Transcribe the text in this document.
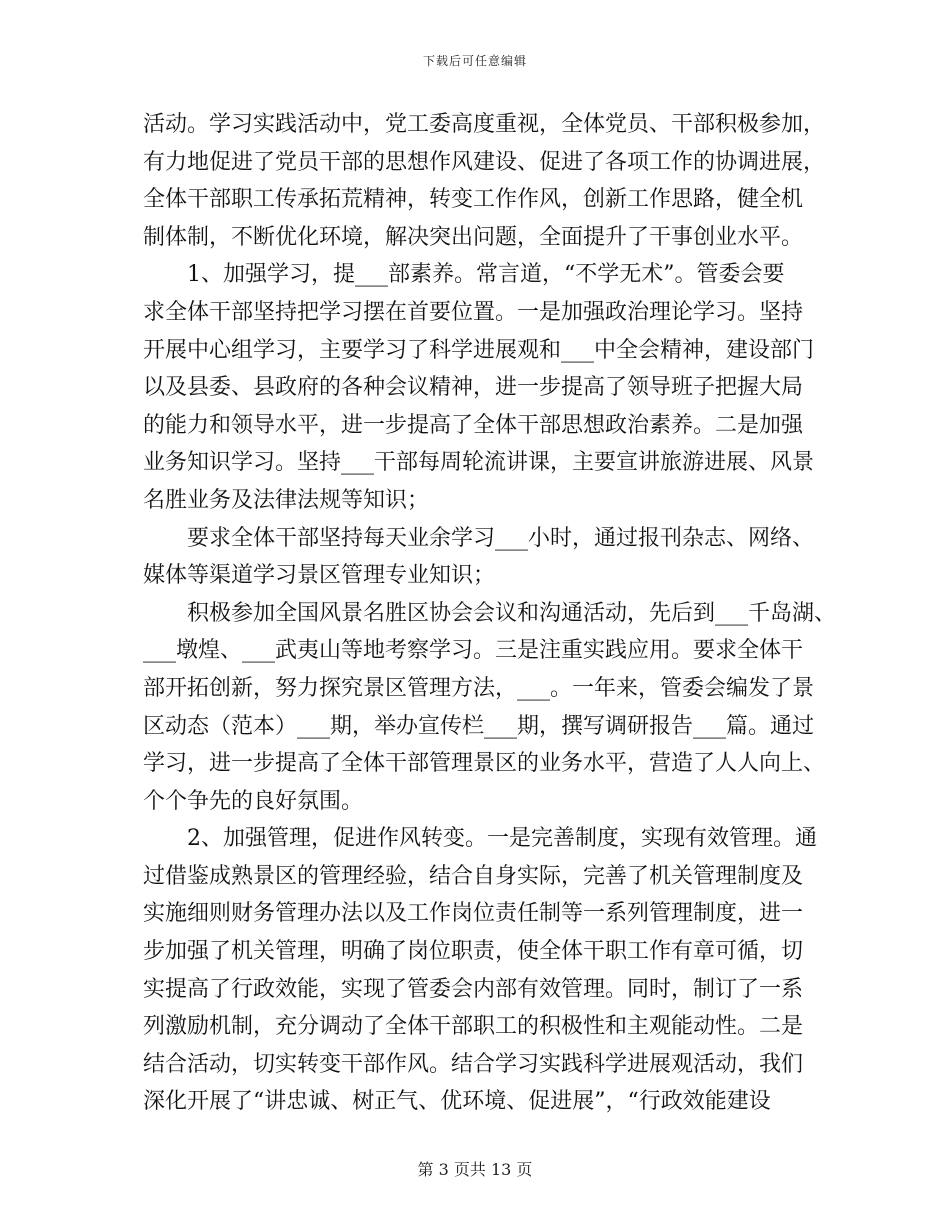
下载后可任意编辑
活动。学习实践活动中，党工委高度重视，全体党员、干部积极参加，
有力地促进了党员干部的思想作风建设、促进了各项工作的协调进展，
全体干部职工传承拓荒精神，转变工作作风，创新工作思路，健全机
制体制，不断优化环境，解决突出问题，全面提升了干事创业水平。
1、加强学习，提___部素养。常言道，“不学无术”。管委会要
求全体干部坚持把学习摆在首要位置。一是加强政治理论学习。坚持
开展中心组学习，主要学习了科学进展观和___中全会精神，建设部门
以及县委、县政府的各种会议精神，进一步提高了领导班子把握大局
的能力和领导水平，进一步提高了全体干部思想政治素养。二是加强
业务知识学习。坚持___干部每周轮流讲课，主要宣讲旅游进展、风景
名胜业务及法律法规等知识；
要求全体干部坚持每天业余学习___小时，通过报刊杂志、网络、
媒体等渠道学习景区管理专业知识；
积极参加全国风景名胜区协会会议和沟通活动，先后到___千岛湖、
___墩煌、___武夷山等地考察学习。三是注重实践应用。要求全体干
部开拓创新，努力探究景区管理方法，___。一年来，管委会编发了景
区动态（范本）___期，举办宣传栏___期，撰写调研报告___篇。通过
学习，进一步提高了全体干部管理景区的业务水平，营造了人人向上、
个个争先的良好氛围。
2、加强管理，促进作风转变。一是完善制度，实现有效管理。通
过借鉴成熟景区的管理经验，结合自身实际，完善了机关管理制度及
实施细则财务管理办法以及工作岗位责任制等一系列管理制度，进一
步加强了机关管理，明确了岗位职责，使全体干职工作有章可循，切
实提高了行政效能，实现了管委会内部有效管理。同时，制订了一系
列激励机制，充分调动了全体干部职工的积极性和主观能动性。二是
结合活动，切实转变干部作风。结合学习实践科学进展观活动，我们
深化开展了“讲忠诚、树正气、优环境、促进展”，“行政效能建设
第 3 页共 13 页
